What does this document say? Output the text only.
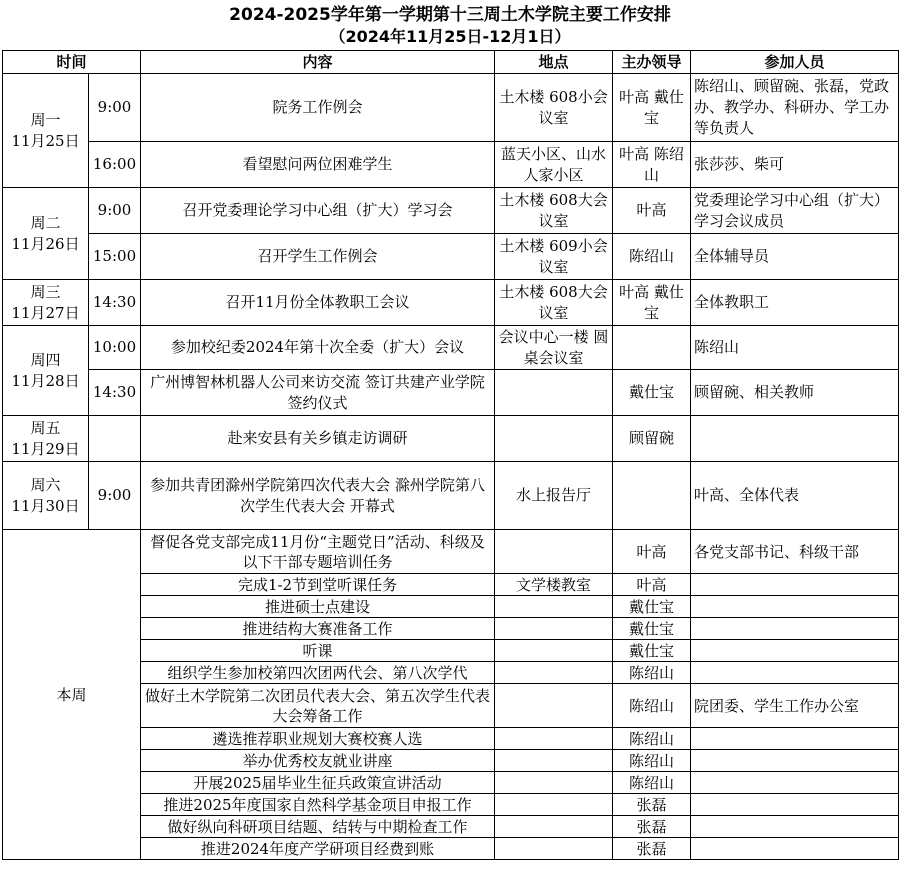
2024-2025学年第一学期第十三周土木学院主要工作安排
（2024年11月25日-12月1日）
时间		内容	地点	主办领导	参加人员
周一
11月25日	9:00	院务工作例会	土木楼 608小会议室	叶高 戴仕宝	陈绍山、顾留碗、张磊，党政办、教学办、科研办、学工办等负责人
	16:00	看望慰问两位困难学生	蓝天小区、山水人家小区	叶高 陈绍山	张莎莎、柴可
周二
11月26日	9:00	召开党委理论学习中心组（扩大）学习会	土木楼 608大会议室	叶高	党委理论学习中心组（扩大）学习会议成员
	15:00	召开学生工作例会	土木楼 609小会议室	陈绍山	全体辅导员
周三
11月27日	14:30	召开11月份全体教职工会议	土木楼 608大会议室	叶高 戴仕宝	全体教职工
周四
11月28日	10:00	参加校纪委2024年第十次全委（扩大）会议	会议中心一楼 圆桌会议室		陈绍山
	14:30	广州博智林机器人公司来访交流 签订共建产业学院签约仪式		戴仕宝	顾留碗、相关教师
周五
11月29日		赴来安县有关乡镇走访调研		顾留碗	
周六
11月30日	9:00	参加共青团滁州学院第四次代表大会 滁州学院第八次学生代表大会 开幕式	水上报告厅		叶高、全体代表
本周		督促各党支部完成11月份“主题党日”活动、科级及以下干部专题培训任务		叶高	各党支部书记、科级干部
		完成1-2节到堂听课任务	文学楼教室	叶高	
		推进硕士点建设		戴仕宝	
		推进结构大赛准备工作		戴仕宝	
		听课		戴仕宝	
		组织学生参加校第四次团两代会、第八次学代		陈绍山	
		做好土木学院第二次团员代表大会、第五次学生代表大会筹备工作		陈绍山	院团委、学生工作办公室
		遴选推荐职业规划大赛校赛人选		陈绍山	
		举办优秀校友就业讲座		陈绍山	
		开展2025届毕业生征兵政策宣讲活动		陈绍山	
		推进2025年度国家自然科学基金项目申报工作		张磊	
		做好纵向科研项目结题、结转与中期检查工作		张磊	
		推进2024年度产学研项目经费到账		张磊	
